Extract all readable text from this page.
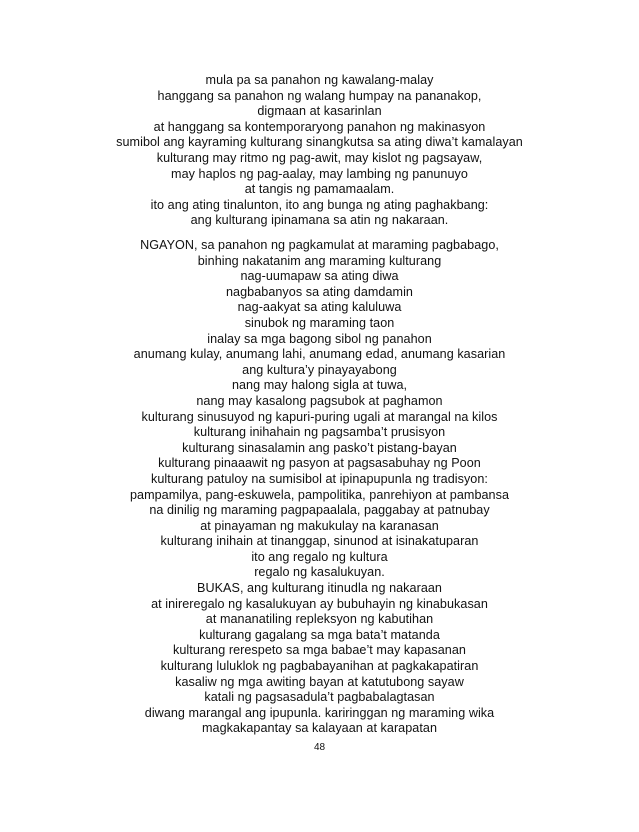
mula pa sa panahon ng kawalang-malay
hanggang sa panahon ng walang humpay na pananakop,
digmaan at kasarinlan
at hanggang sa kontemporaryong panahon ng makinasyon
sumibol ang kayraming kulturang sinangkutsa sa ating diwa’t kamalayan
kulturang may ritmo ng pag-awit, may kislot ng pagsayaw,
may haplos ng pag-aalay, may lambing ng panunuyo
at tangis ng pamamaalam.
ito ang ating tinalunton, ito ang bunga ng ating paghakbang:
ang kulturang ipinamana sa atin ng nakaraan.
NGAYON, sa panahon ng pagkamulat at maraming pagbabago,
binhing nakatanim ang maraming kulturang
nag-uumapaw sa ating diwa
nagbabanyos sa ating damdamin
nag-aakyat sa ating kaluluwa
sinubok ng maraming taon
inalay sa mga bagong sibol ng panahon
anumang kulay, anumang lahi, anumang edad, anumang kasarian
ang kultura’y pinayayabong
nang may halong sigla at tuwa,
nang may kasalong pagsubok at paghamon
kulturang sinusuyod ng kapuri-puring ugali at marangal na kilos
kulturang inihahain ng pagsamba’t prusisyon
kulturang sinasalamin ang pasko’t pistang-bayan
kulturang pinaaawit ng pasyon at pagsasabuhay ng Poon
kulturang patuloy na sumisibol at ipinapupunla ng tradisyon:
pampamilya, pang-eskuwela, pampolitika, panrehiyon at pambansa
na dinilig ng maraming pagpapaalala, paggabay at patnubay
at pinayaman ng makukulay na karanasan
kulturang inihain at tinanggap, sinunod at isinakatuparan
ito ang regalo ng kultura
regalo ng kasalukuyan.
BUKAS, ang kulturang itinudla ng nakaraan
at inireregalo ng kasalukuyan ay bubuhayin ng kinabukasan
at mananatiling repleksyon ng kabutihan
kulturang gagalang sa mga bata’t matanda
kulturang rerespeto sa mga babae’t may kapasanan
kulturang luluklok ng pagbabayanihan at pagkakapatiran
kasaliw ng mga awiting bayan at katutubong sayaw
katali ng pagsasadula’t pagbabalagtasan
diwang marangal ang ipupunla. kariringgan ng maraming wika
magkakapantay sa kalayaan at karapatan
48
